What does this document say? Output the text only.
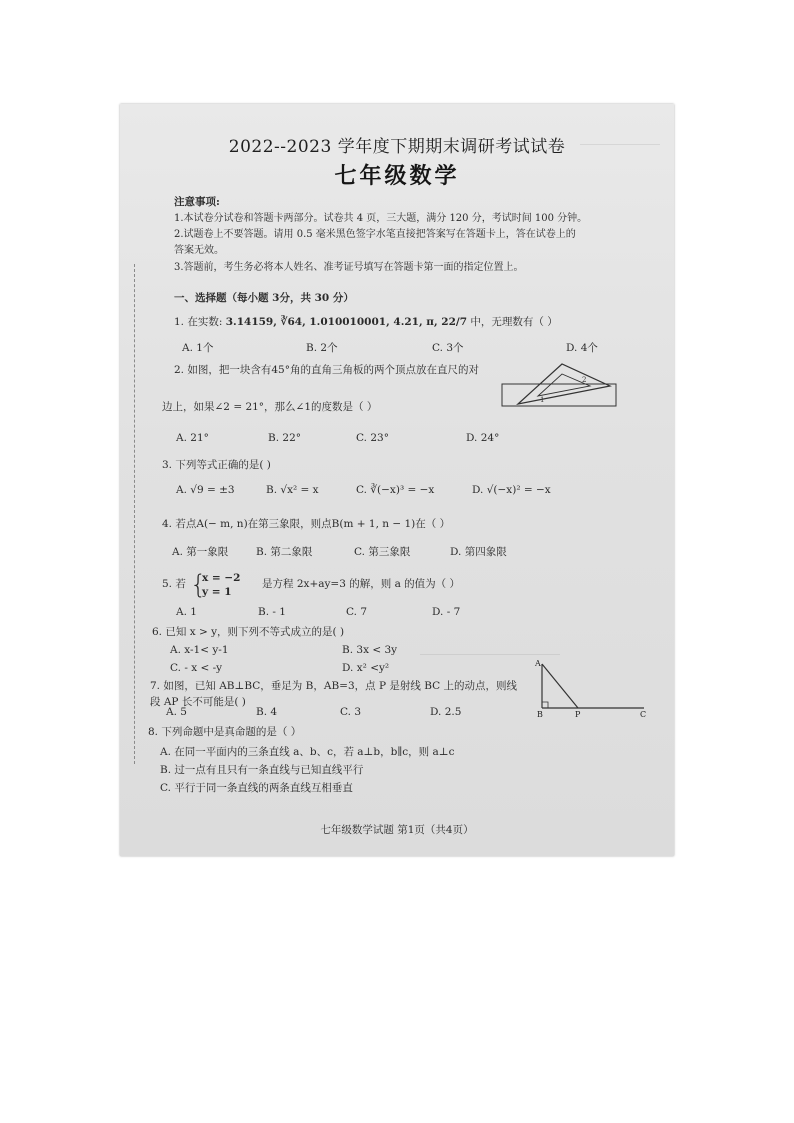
2022--2023 学年度下期期末调研考试试卷
七年级数学
注意事项:
1.本试卷分试卷和答题卡两部分。试卷共 4 页，三大题，满分 120 分，考试时间 100 分钟。
2.试题卷上不要答题。请用 0.5 毫米黑色签字水笔直接把答案写在答题卡上，答在试卷上的
答案无效。
3.答题前，考生务必将本人姓名、准考证号填写在答题卡第一面的指定位置上。
一、选择题（每小题 3分，共 30 分）
1. 在实数: 3.14159, ∛64, 1.010010001, 4.21, π, 22/7 中，无理数有（ ）
A. 1个	B. 2个	C. 3个	D. 4个
2. 如图，把一块含有45°角的直角三角板的两个顶点放在直尺的对
边上，如果∠2 = 21°，那么∠1的度数是（ ）
2
1
A. 21°	B. 22°	C. 23°	D. 24°
3. 下列等式正确的是( )
A. √9 = ±3	B. √x² = x	C. ∛(−x)³ = −x	D. √(−x)² = −x
4. 若点A(− m, n)在第三象限，则点B(m + 1, n − 1)在（ ）
A. 第一象限	B. 第二象限	C. 第三象限	D. 第四象限
5. 若 {
x = −2
y = 1
是方程 2x+ay=3 的解，则 a 的值为（ ）
A. 1	B. - 1	C. 7	D. - 7
6. 已知 x > y，则下列不等式成立的是( )
A. x-1< y-1	B. 3x < 3y
C. - x < -y	D. x² <y²
7. 如图，已知 AB⊥BC，垂足为 B，AB=3，点 P 是射线 BC 上的动点，则线
段 AP 长不可能是( )
A
B	P	C
A. 5	B. 4	C. 3	D. 2.5
8. 下列命题中是真命题的是（ ）
A. 在同一平面内的三条直线 a、b、c，若 a⊥b，b∥c，则 a⊥c
B. 过一点有且只有一条直线与已知直线平行
C. 平行于同一条直线的两条直线互相垂直
七年级数学试题 第1页（共4页）
